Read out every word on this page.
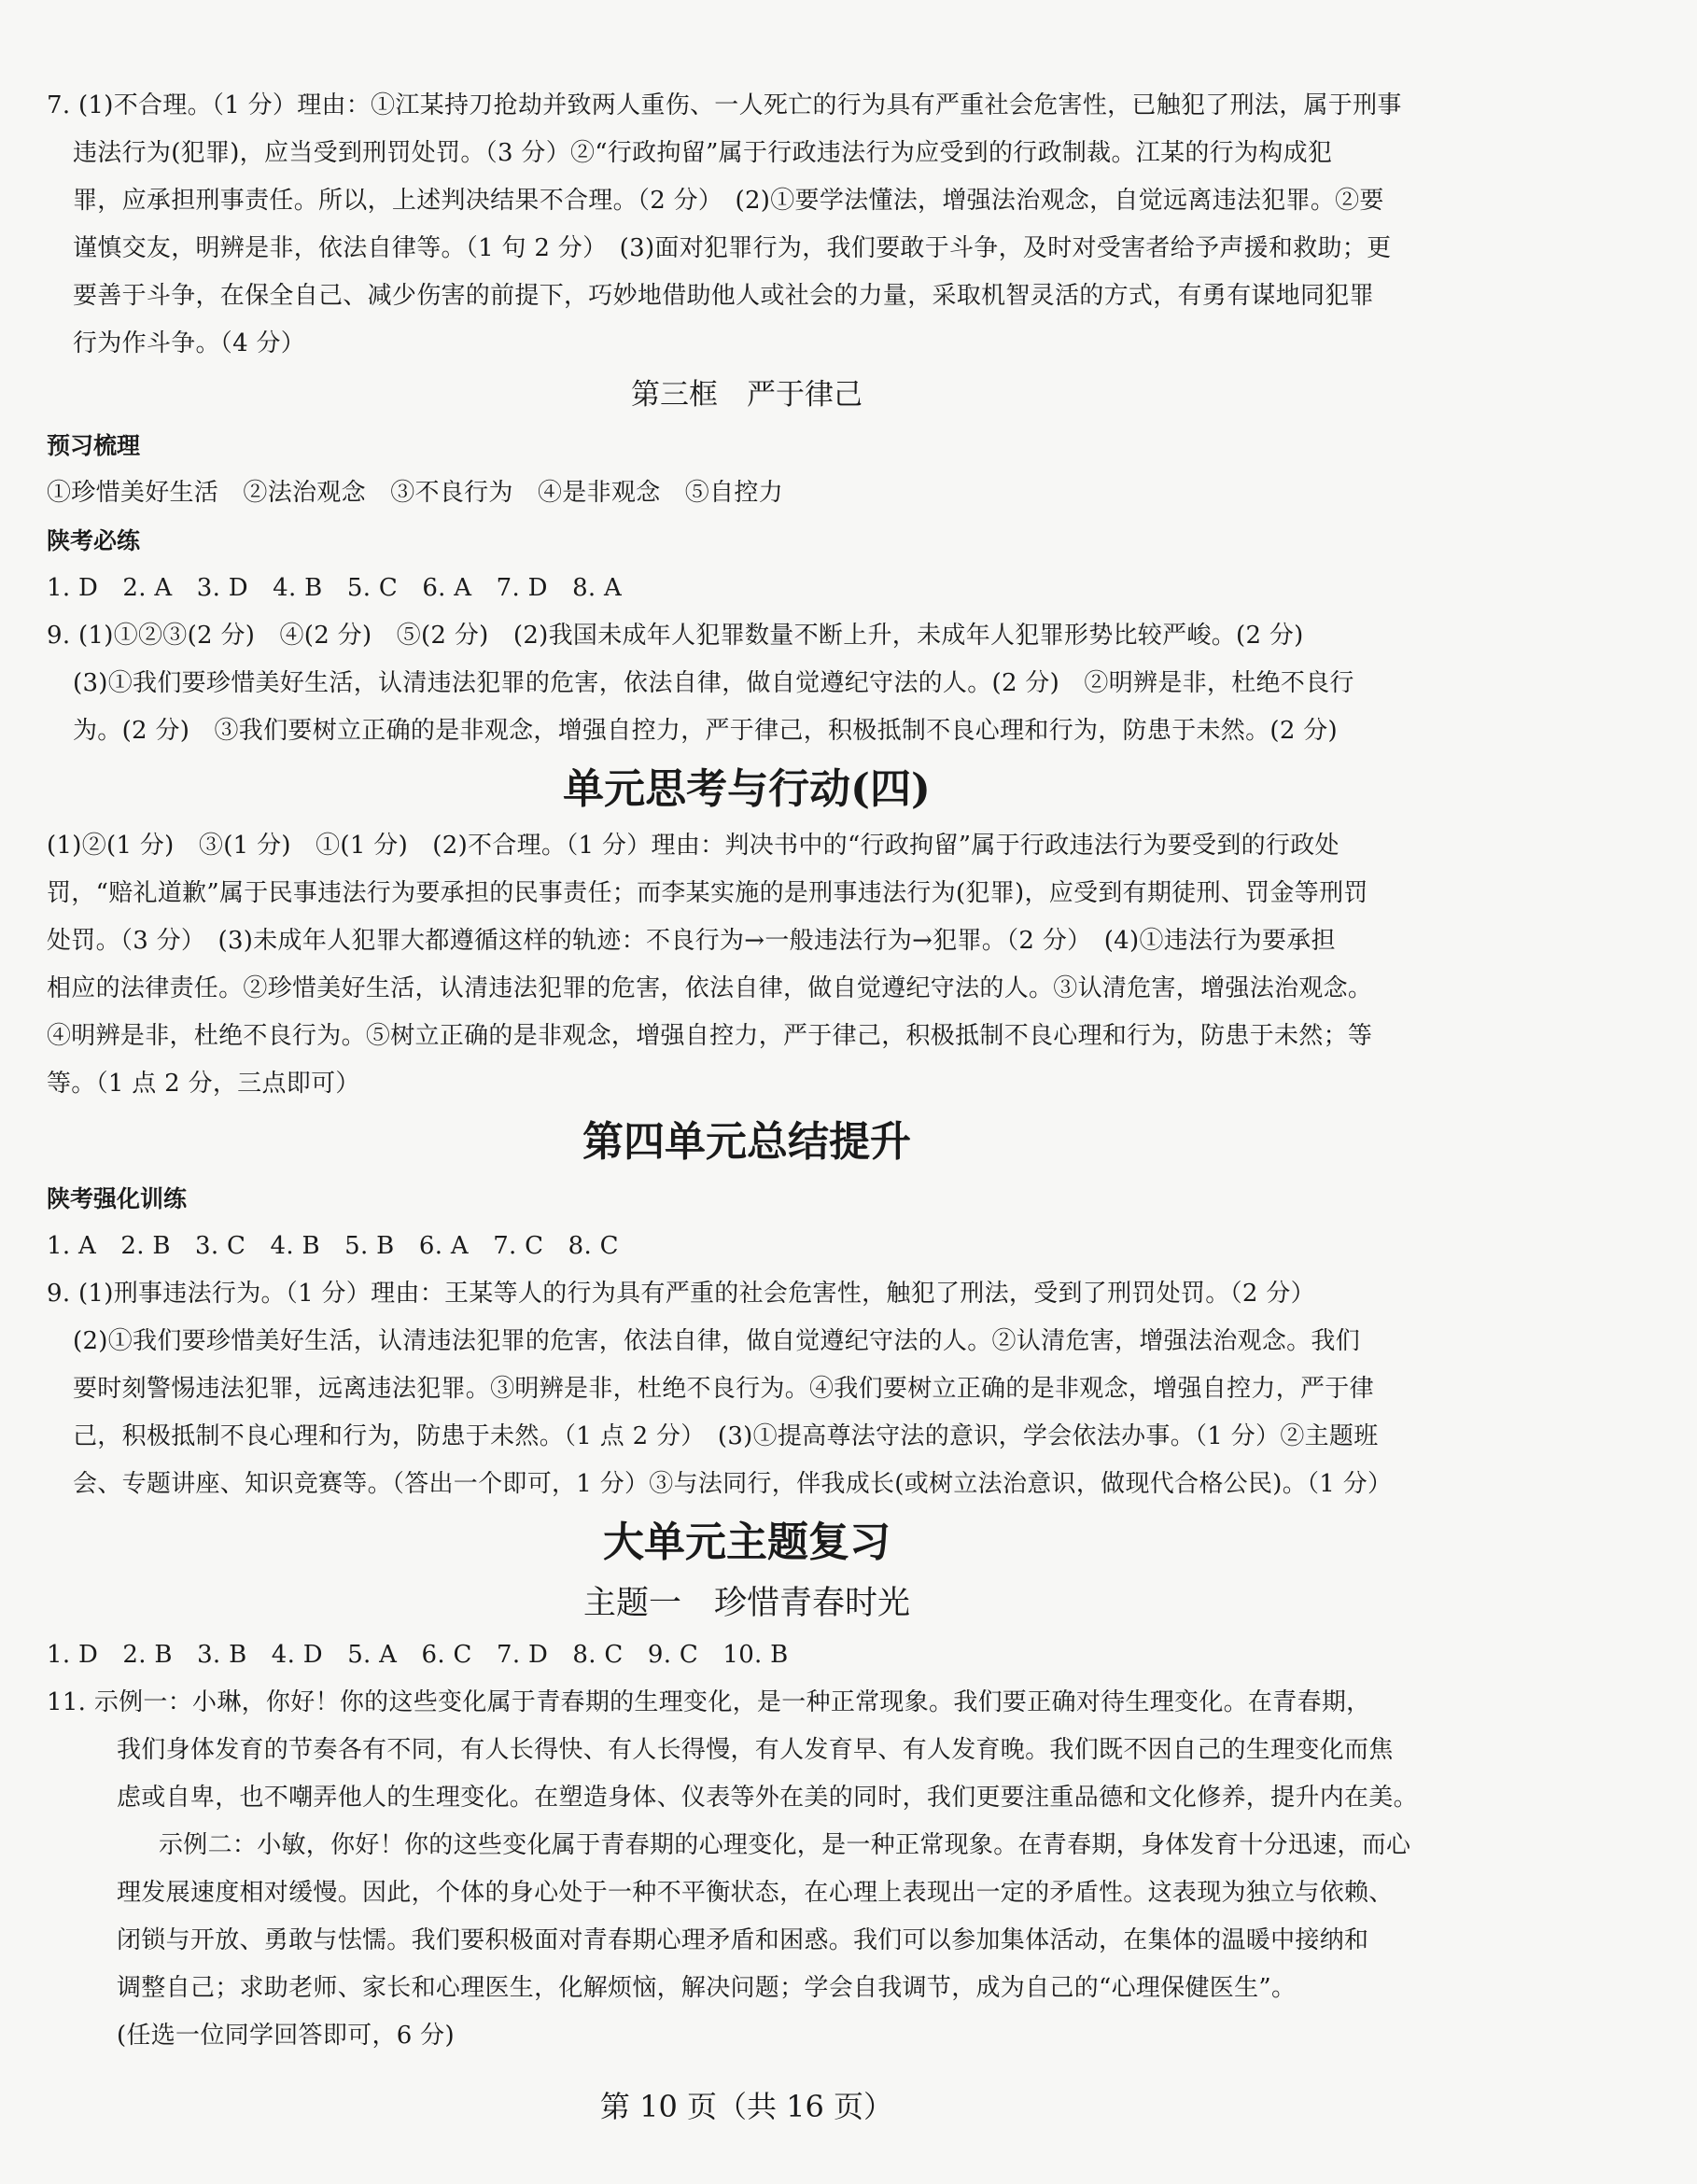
7. (1)不合理。（1 分）理由：①江某持刀抢劫并致两人重伤、一人死亡的行为具有严重社会危害性，已触犯了刑法，属于刑事
违法行为(犯罪)，应当受到刑罚处罚。（3 分）②“行政拘留”属于行政违法行为应受到的行政制裁。江某的行为构成犯
罪，应承担刑事责任。所以，上述判决结果不合理。（2 分）　(2)①要学法懂法，增强法治观念，自觉远离违法犯罪。②要
谨慎交友，明辨是非，依法自律等。（1 句 2 分）　(3)面对犯罪行为，我们要敢于斗争，及时对受害者给予声援和救助；更
要善于斗争，在保全自己、减少伤害的前提下，巧妙地借助他人或社会的力量，采取机智灵活的方式，有勇有谋地同犯罪
行为作斗争。（4 分）
第三框　严于律己
预习梳理
①珍惜美好生活　②法治观念　③不良行为　④是非观念　⑤自控力
陕考必练
1. D　2. A　3. D　4. B　5. C　6. A　7. D　8. A
9. (1)①②③(2 分)　④(2 分)　⑤(2 分)　(2)我国未成年人犯罪数量不断上升，未成年人犯罪形势比较严峻。(2 分)
(3)①我们要珍惜美好生活，认清违法犯罪的危害，依法自律，做自觉遵纪守法的人。(2 分)　②明辨是非，杜绝不良行
为。(2 分)　③我们要树立正确的是非观念，增强自控力，严于律己，积极抵制不良心理和行为，防患于未然。(2 分)
单元思考与行动(四)
(1)②(1 分)　③(1 分)　①(1 分)　(2)不合理。（1 分）理由：判决书中的“行政拘留”属于行政违法行为要受到的行政处
罚，“赔礼道歉”属于民事违法行为要承担的民事责任；而李某实施的是刑事违法行为(犯罪)，应受到有期徒刑、罚金等刑罚
处罚。（3 分）　(3)未成年人犯罪大都遵循这样的轨迹：不良行为→一般违法行为→犯罪。（2 分）　(4)①违法行为要承担
相应的法律责任。②珍惜美好生活，认清违法犯罪的危害，依法自律，做自觉遵纪守法的人。③认清危害，增强法治观念。
④明辨是非，杜绝不良行为。⑤树立正确的是非观念，增强自控力，严于律己，积极抵制不良心理和行为，防患于未然；等
等。（1 点 2 分，三点即可）
第四单元总结提升
陕考强化训练
1. A　2. B　3. C　4. B　5. B　6. A　7. C　8. C
9. (1)刑事违法行为。（1 分）理由：王某等人的行为具有严重的社会危害性，触犯了刑法，受到了刑罚处罚。（2 分）
(2)①我们要珍惜美好生活，认清违法犯罪的危害，依法自律，做自觉遵纪守法的人。②认清危害，增强法治观念。我们
要时刻警惕违法犯罪，远离违法犯罪。③明辨是非，杜绝不良行为。④我们要树立正确的是非观念，增强自控力，严于律
己，积极抵制不良心理和行为，防患于未然。（1 点 2 分）　(3)①提高尊法守法的意识，学会依法办事。（1 分）②主题班
会、专题讲座、知识竞赛等。（答出一个即可，1 分）③与法同行，伴我成长(或树立法治意识，做现代合格公民)。（1 分）
大单元主题复习
主题一　珍惜青春时光
1. D　2. B　3. B　4. D　5. A　6. C　7. D　8. C　9. C　10. B
11. 示例一：小琳，你好！你的这些变化属于青春期的生理变化，是一种正常现象。我们要正确对待生理变化。在青春期，
我们身体发育的节奏各有不同，有人长得快、有人长得慢，有人发育早、有人发育晚。我们既不因自己的生理变化而焦
虑或自卑，也不嘲弄他人的生理变化。在塑造身体、仪表等外在美的同时，我们更要注重品德和文化修养，提升内在美。
示例二：小敏，你好！你的这些变化属于青春期的心理变化，是一种正常现象。在青春期，身体发育十分迅速，而心
理发展速度相对缓慢。因此，个体的身心处于一种不平衡状态，在心理上表现出一定的矛盾性。这表现为独立与依赖、
闭锁与开放、勇敢与怯懦。我们要积极面对青春期心理矛盾和困惑。我们可以参加集体活动，在集体的温暖中接纳和
调整自己；求助老师、家长和心理医生，化解烦恼，解决问题；学会自我调节，成为自己的“心理保健医生”。
(任选一位同学回答即可，6 分)
第 10 页（共 16 页）
